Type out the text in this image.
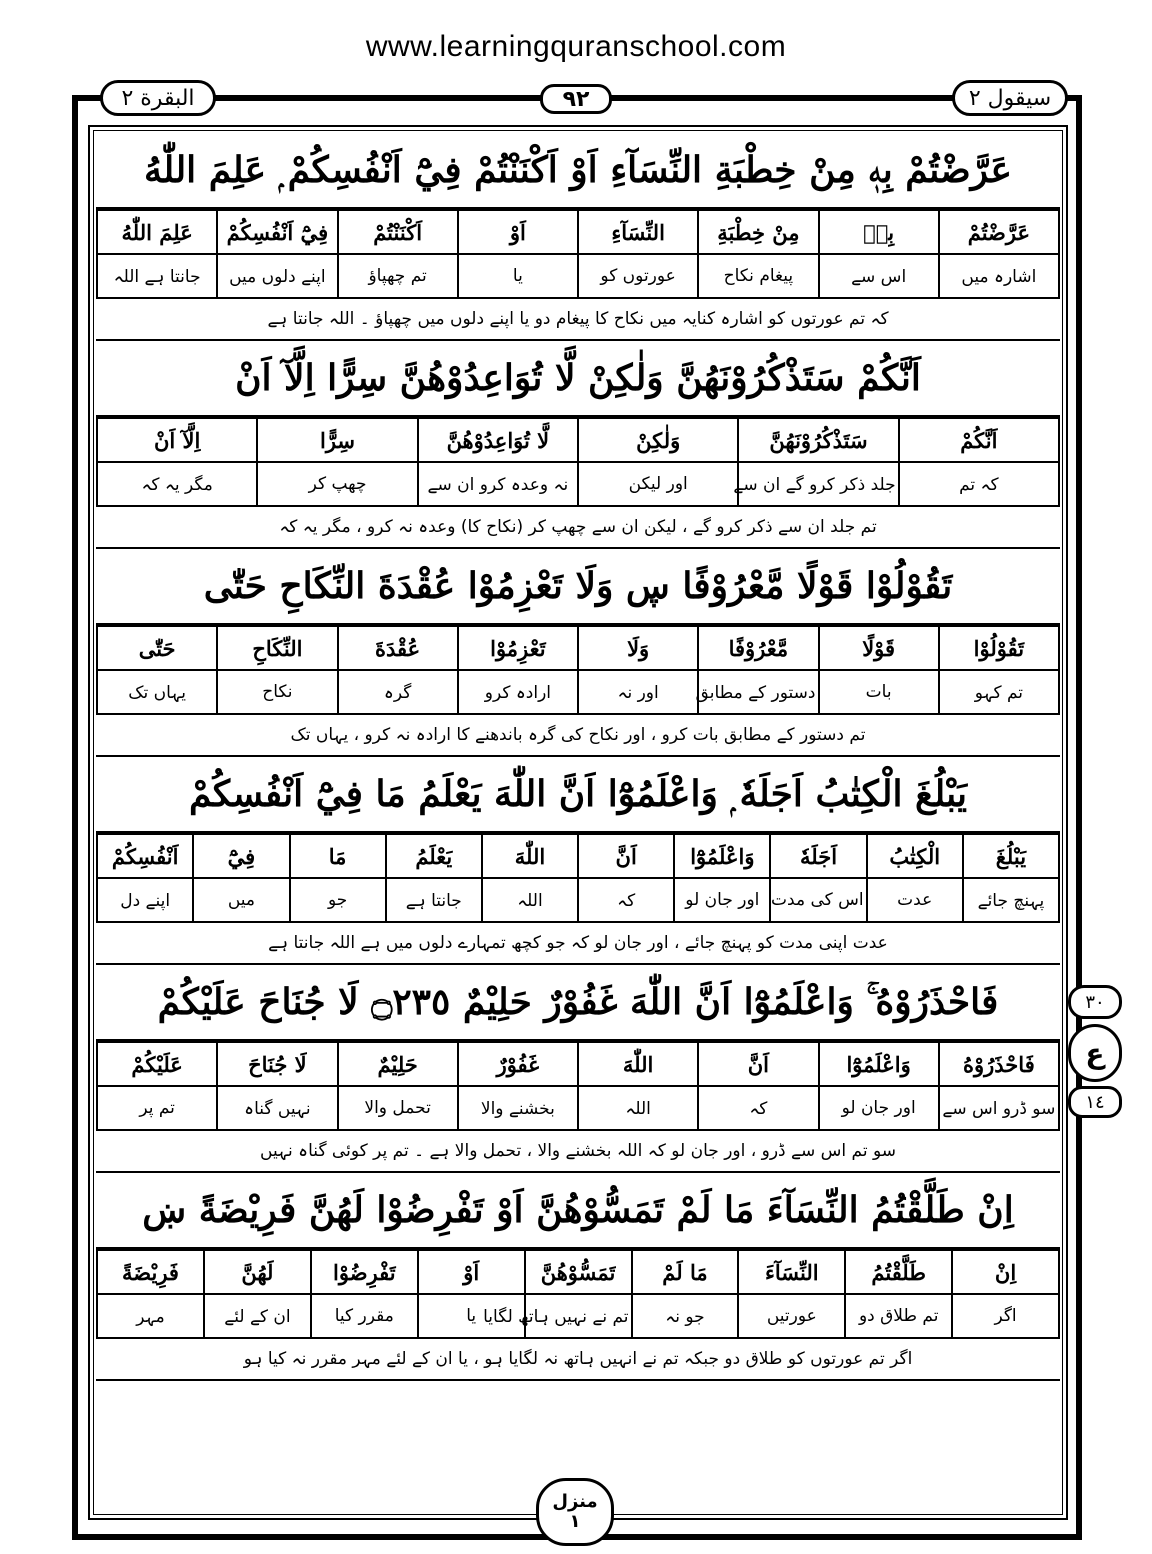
www.learningquranschool.com
البقرة ٢	٩٢	سیقول ٢
عَرَّضْتُمْ بِهٖ مِنْ خِطْبَةِ النِّسَآءِ اَوْ اَكْنَنْتُمْ فِيْٓ اَنْفُسِكُمْ ۭ عَلِمَ اللّٰهُ
عَرَّضْتُمْ	بِهٖ	مِنْ خِطْبَةِ	النِّسَآءِ	اَوْ	اَكْنَنْتُمْ	فِيْٓ اَنْفُسِكُمْ	عَلِمَ اللّٰهُ
اشارہ میں	اس سے	پیغام نکاح	عورتوں کو	یا	تم چھپاؤ	اپنے دلوں میں	جانتا ہے اللہ
کہ تم عورتوں کو اشارہ کنایہ میں نکاح کا پیغام دو یا اپنے دلوں میں چھپاؤ ۔ اللہ جانتا ہے
اَنَّكُمْ سَتَذْكُرُوْنَهُنَّ وَلٰكِنْ لَّا تُوَاعِدُوْهُنَّ سِرًّا اِلَّآ اَنْ
اَنَّكُمْ	سَتَذْكُرُوْنَهُنَّ	وَلٰكِنْ	لَّا تُوَاعِدُوْهُنَّ	سِرًّا	اِلَّآ اَنْ
کہ تم	جلد ذکر کرو گے ان سے	اور لیکن	نہ وعدہ کرو ان سے	چھپ کر	مگر یہ کہ
تم جلد ان سے ذکر کرو گے ، لیکن ان سے چھپ کر (نکاح کا) وعدہ نہ کرو ، مگر یہ کہ
تَقُوْلُوْا قَوْلًا مَّعْرُوْفًا ڛ وَلَا تَعْزِمُوْا عُقْدَةَ النِّكَاحِ حَتّٰى
تَقُوْلُوْا	قَوْلًا	مَّعْرُوْفًا	وَلَا	تَعْزِمُوْا	عُقْدَةَ	النِّكَاحِ	حَتّٰى
تم کہو	بات	دستور کے مطابق	اور نہ	ارادہ کرو	گرہ	نکاح	یہاں تک
تم دستور کے مطابق بات کرو ، اور نکاح کی گرہ باندھنے کا ارادہ نہ کرو ، یہاں تک
يَبْلُغَ الْكِتٰبُ اَجَلَهٗ ۭ وَاعْلَمُوْٓا اَنَّ اللّٰهَ يَعْلَمُ مَا فِيْٓ اَنْفُسِكُمْ
يَبْلُغَ	الْكِتٰبُ	اَجَلَهٗ	وَاعْلَمُوْٓا	اَنَّ	اللّٰهَ	يَعْلَمُ	مَا	فِيْٓ	اَنْفُسِكُمْ
پہنچ جائے	عدت	اس کی مدت	اور جان لو	کہ	اللہ	جانتا ہے	جو	میں	اپنے دل
عدت اپنی مدت کو پہنچ جائے ، اور جان لو کہ جو کچھ تمہارے دلوں میں ہے اللہ جانتا ہے
فَاحْذَرُوْهُ ۚ وَاعْلَمُوْٓا اَنَّ اللّٰهَ غَفُوْرٌ حَلِيْمٌ ۝٢٣٥ لَا جُنَاحَ عَلَيْكُمْ
فَاحْذَرُوْهُ	وَاعْلَمُوْٓا	اَنَّ	اللّٰهَ	غَفُوْرٌ	حَلِيْمٌ	لَا جُنَاحَ	عَلَيْكُمْ
سو ڈرو اس سے	اور جان لو	کہ	اللہ	بخشنے والا	تحمل والا	نہیں گناہ	تم پر
سو تم اس سے ڈرو ، اور جان لو کہ اللہ بخشنے والا ، تحمل والا ہے ۔ تم پر کوئی گناہ نہیں
اِنْ طَلَّقْتُمُ النِّسَآءَ مَا لَمْ تَمَسُّوْهُنَّ اَوْ تَفْرِضُوْا لَهُنَّ فَرِيْضَةً ښ
اِنْ	طَلَّقْتُمُ	النِّسَآءَ	مَا لَمْ	تَمَسُّوْهُنَّ	اَوْ	تَفْرِضُوْا	لَهُنَّ	فَرِيْضَةً
اگر	تم طلاق دو	عورتیں	جو نہ	تم نے نہیں ہاتھ لگایا	یا	مقرر کیا	ان کے لئے	مہر
اگر تم عورتوں کو طلاق دو جبکہ تم نے انہیں ہاتھ نہ لگایا ہو ، یا ان کے لئے مہر مقرر نہ کیا ہو
٣٠
ع
١٤
منزل
١
